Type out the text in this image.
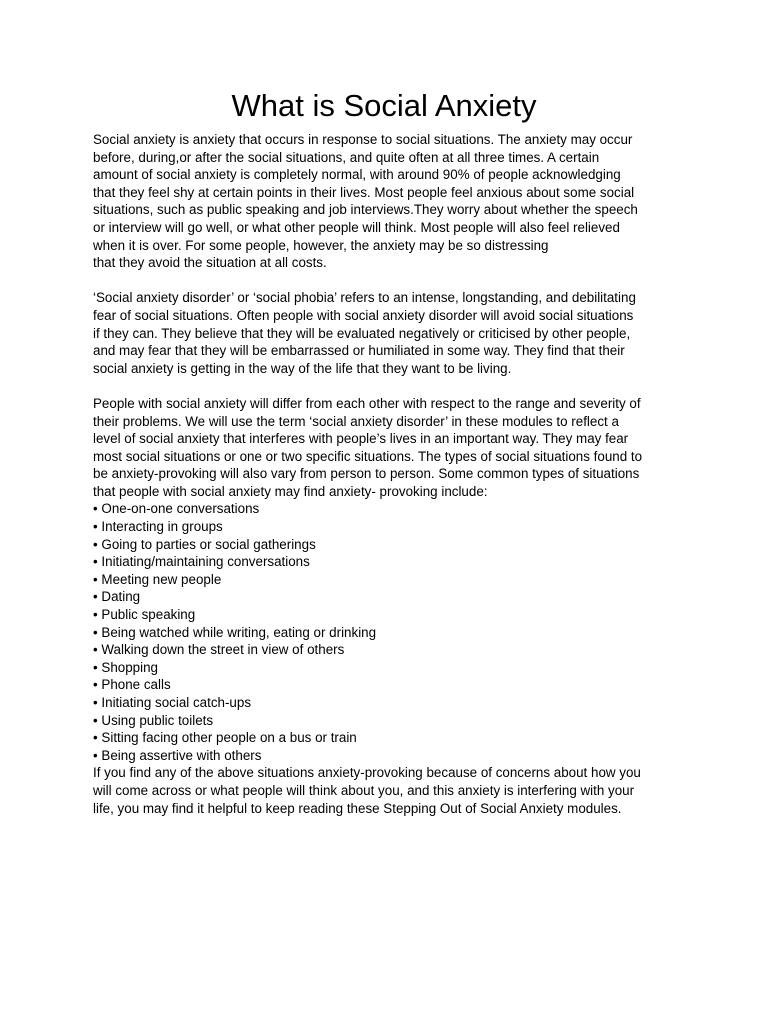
What is Social Anxiety
Social anxiety is anxiety that occurs in response to social situations. The anxiety may occur
before, during,or after the social situations, and quite often at all three times. A certain
amount of social anxiety is completely normal, with around 90% of people acknowledging
that they feel shy at certain points in their lives. Most people feel anxious about some social
situations, such as public speaking and job interviews.They worry about whether the speech
or interview will go well, or what other people will think. Most people will also feel relieved
when it is over. For some people, however, the anxiety may be so distressing
that they avoid the situation at all costs.
‘Social anxiety disorder’ or ‘social phobia’ refers to an intense, longstanding, and debilitating
fear of social situations. Often people with social anxiety disorder will avoid social situations
if they can. They believe that they will be evaluated negatively or criticised by other people,
and may fear that they will be embarrassed or humiliated in some way. They find that their
social anxiety is getting in the way of the life that they want to be living.
People with social anxiety will differ from each other with respect to the range and severity of
their problems. We will use the term ‘social anxiety disorder’ in these modules to reflect a
level of social anxiety that interferes with people’s lives in an important way. They may fear
most social situations or one or two specific situations. The types of social situations found to
be anxiety-provoking will also vary from person to person. Some common types of situations
that people with social anxiety may find anxiety- provoking include:
• One-on-one conversations
• Interacting in groups
• Going to parties or social gatherings
• Initiating/maintaining conversations
• Meeting new people
• Dating
• Public speaking
• Being watched while writing, eating or drinking
• Walking down the street in view of others
• Shopping
• Phone calls
• Initiating social catch-ups
• Using public toilets
• Sitting facing other people on a bus or train
• Being assertive with others
If you find any of the above situations anxiety-provoking because of concerns about how you
will come across or what people will think about you, and this anxiety is interfering with your
life, you may find it helpful to keep reading these Stepping Out of Social Anxiety modules.
